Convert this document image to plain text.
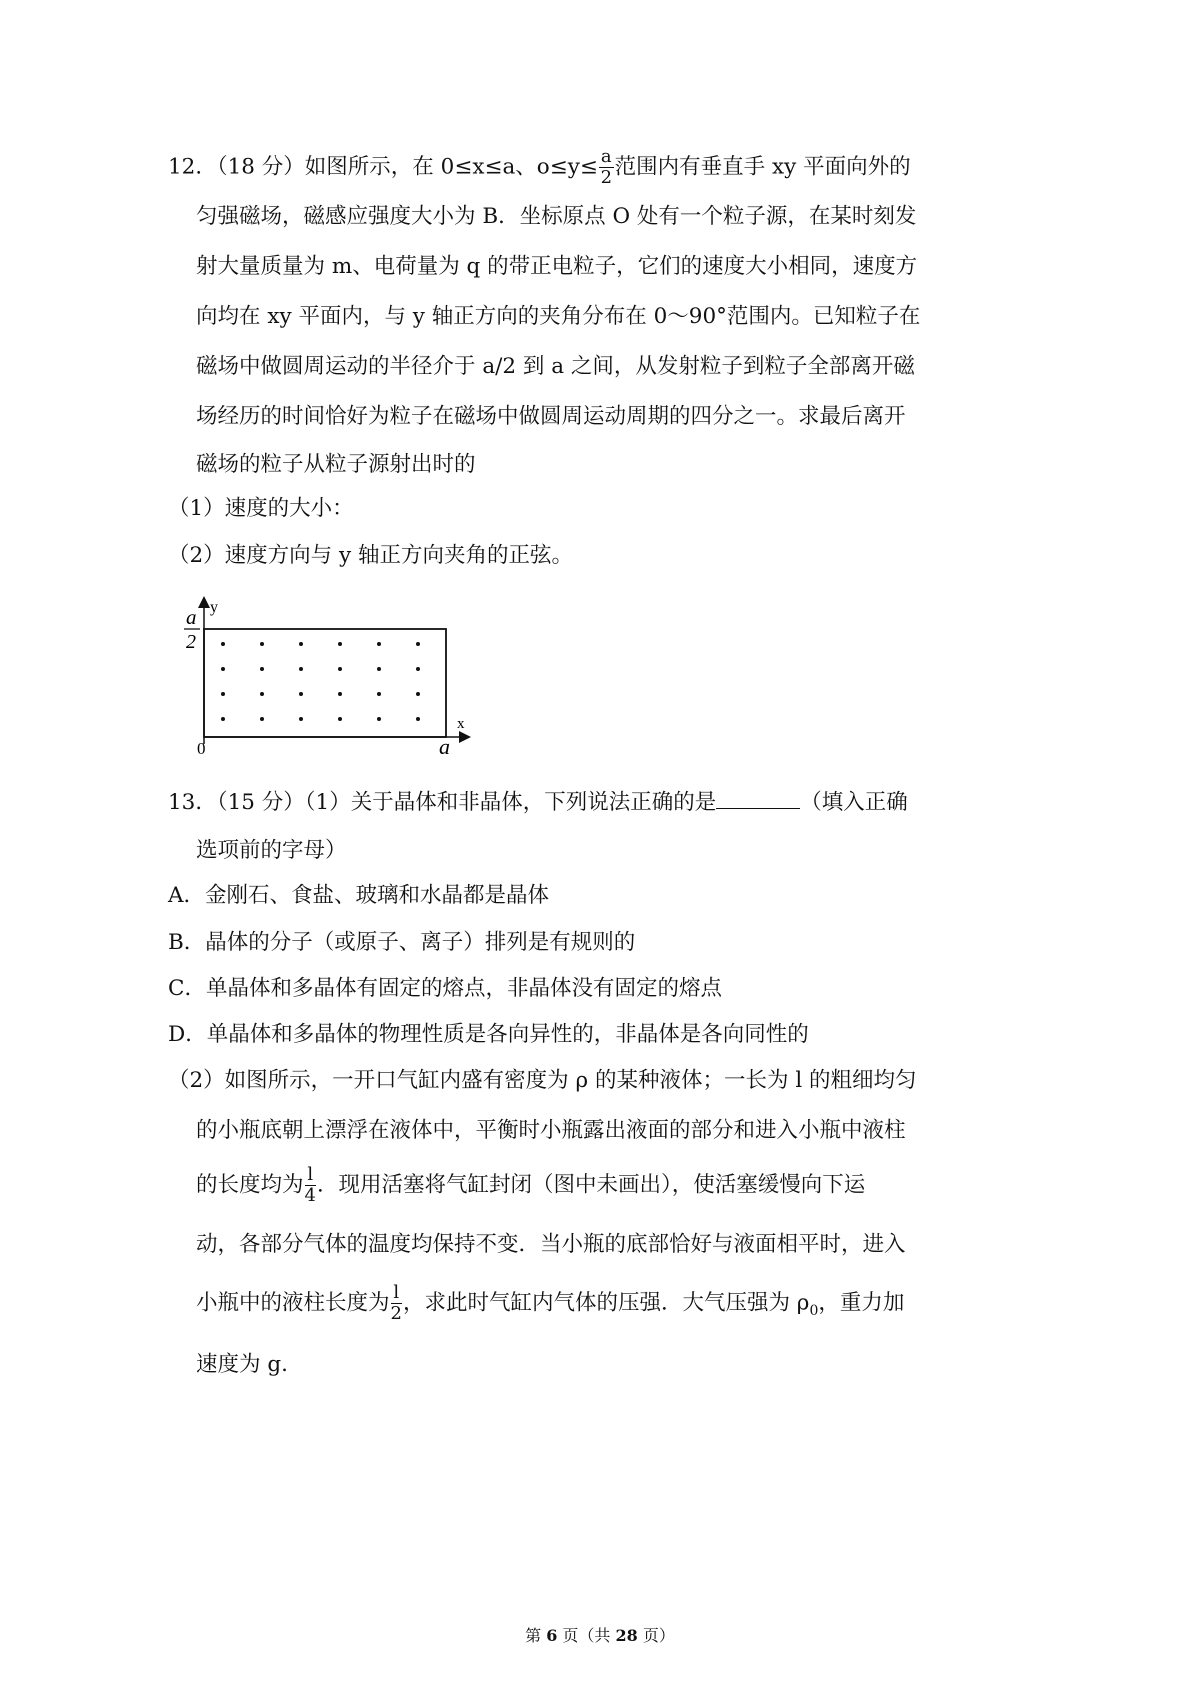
12．（18 分）如图所示，在 0≤x≤a、$o\le y\le \frac{a}{2}$ 范围内有垂直手 xy 平面向外的
匀强磁场，磁感应强度大小为 B．坐标原点 O 处有一个粒子源，在某时刻发
射大量质量为 m、电荷量为 q 的带正电粒子，它们的速度大小相同，速度方
向均在 xy 平面内，与 y 轴正方向的夹角分布在 0～90°范围内。已知粒子在
磁场中做圆周运动的半径介于 a/2 到 a 之间，从发射粒子到粒子全部离开磁
场经历的时间恰好为粒子在磁场中做圆周运动周期的四分之一。求最后离开
磁场的粒子从粒子源射出时的
（1）速度的大小：
（2）速度方向与 y 轴正方向夹角的正弦。
y
x
0	a
a
2
13．（15 分）（1）关于晶体和非晶体，下列说法正确的是	（填入正确
选项前的字母）
A．金刚石、食盐、玻璃和水晶都是晶体
B．晶体的分子（或原子、离子）排列是有规则的
C．单晶体和多晶体有固定的熔点，非晶体没有固定的熔点
D．单晶体和多晶体的物理性质是各向异性的，非晶体是各向同性的
（2）如图所示，一开口气缸内盛有密度为 ρ 的某种液体；一长为 l 的粗细均匀
的小瓶底朝上漂浮在液体中，平衡时小瓶露出液面的部分和进入小瓶中液柱
的长度均为 $\frac{l}{4}$ ．现用活塞将气缸封闭（图中未画出），使活塞缓慢向下运
动，各部分气体的温度均保持不变．当小瓶的底部恰好与液面相平时，进入
小瓶中的液柱长度为 $\frac{l}{2}$ ，求此时气缸内气体的压强．大气压强为 $\rho_0$，重力加
速度为 g.
第 6 页（共 28 页）
